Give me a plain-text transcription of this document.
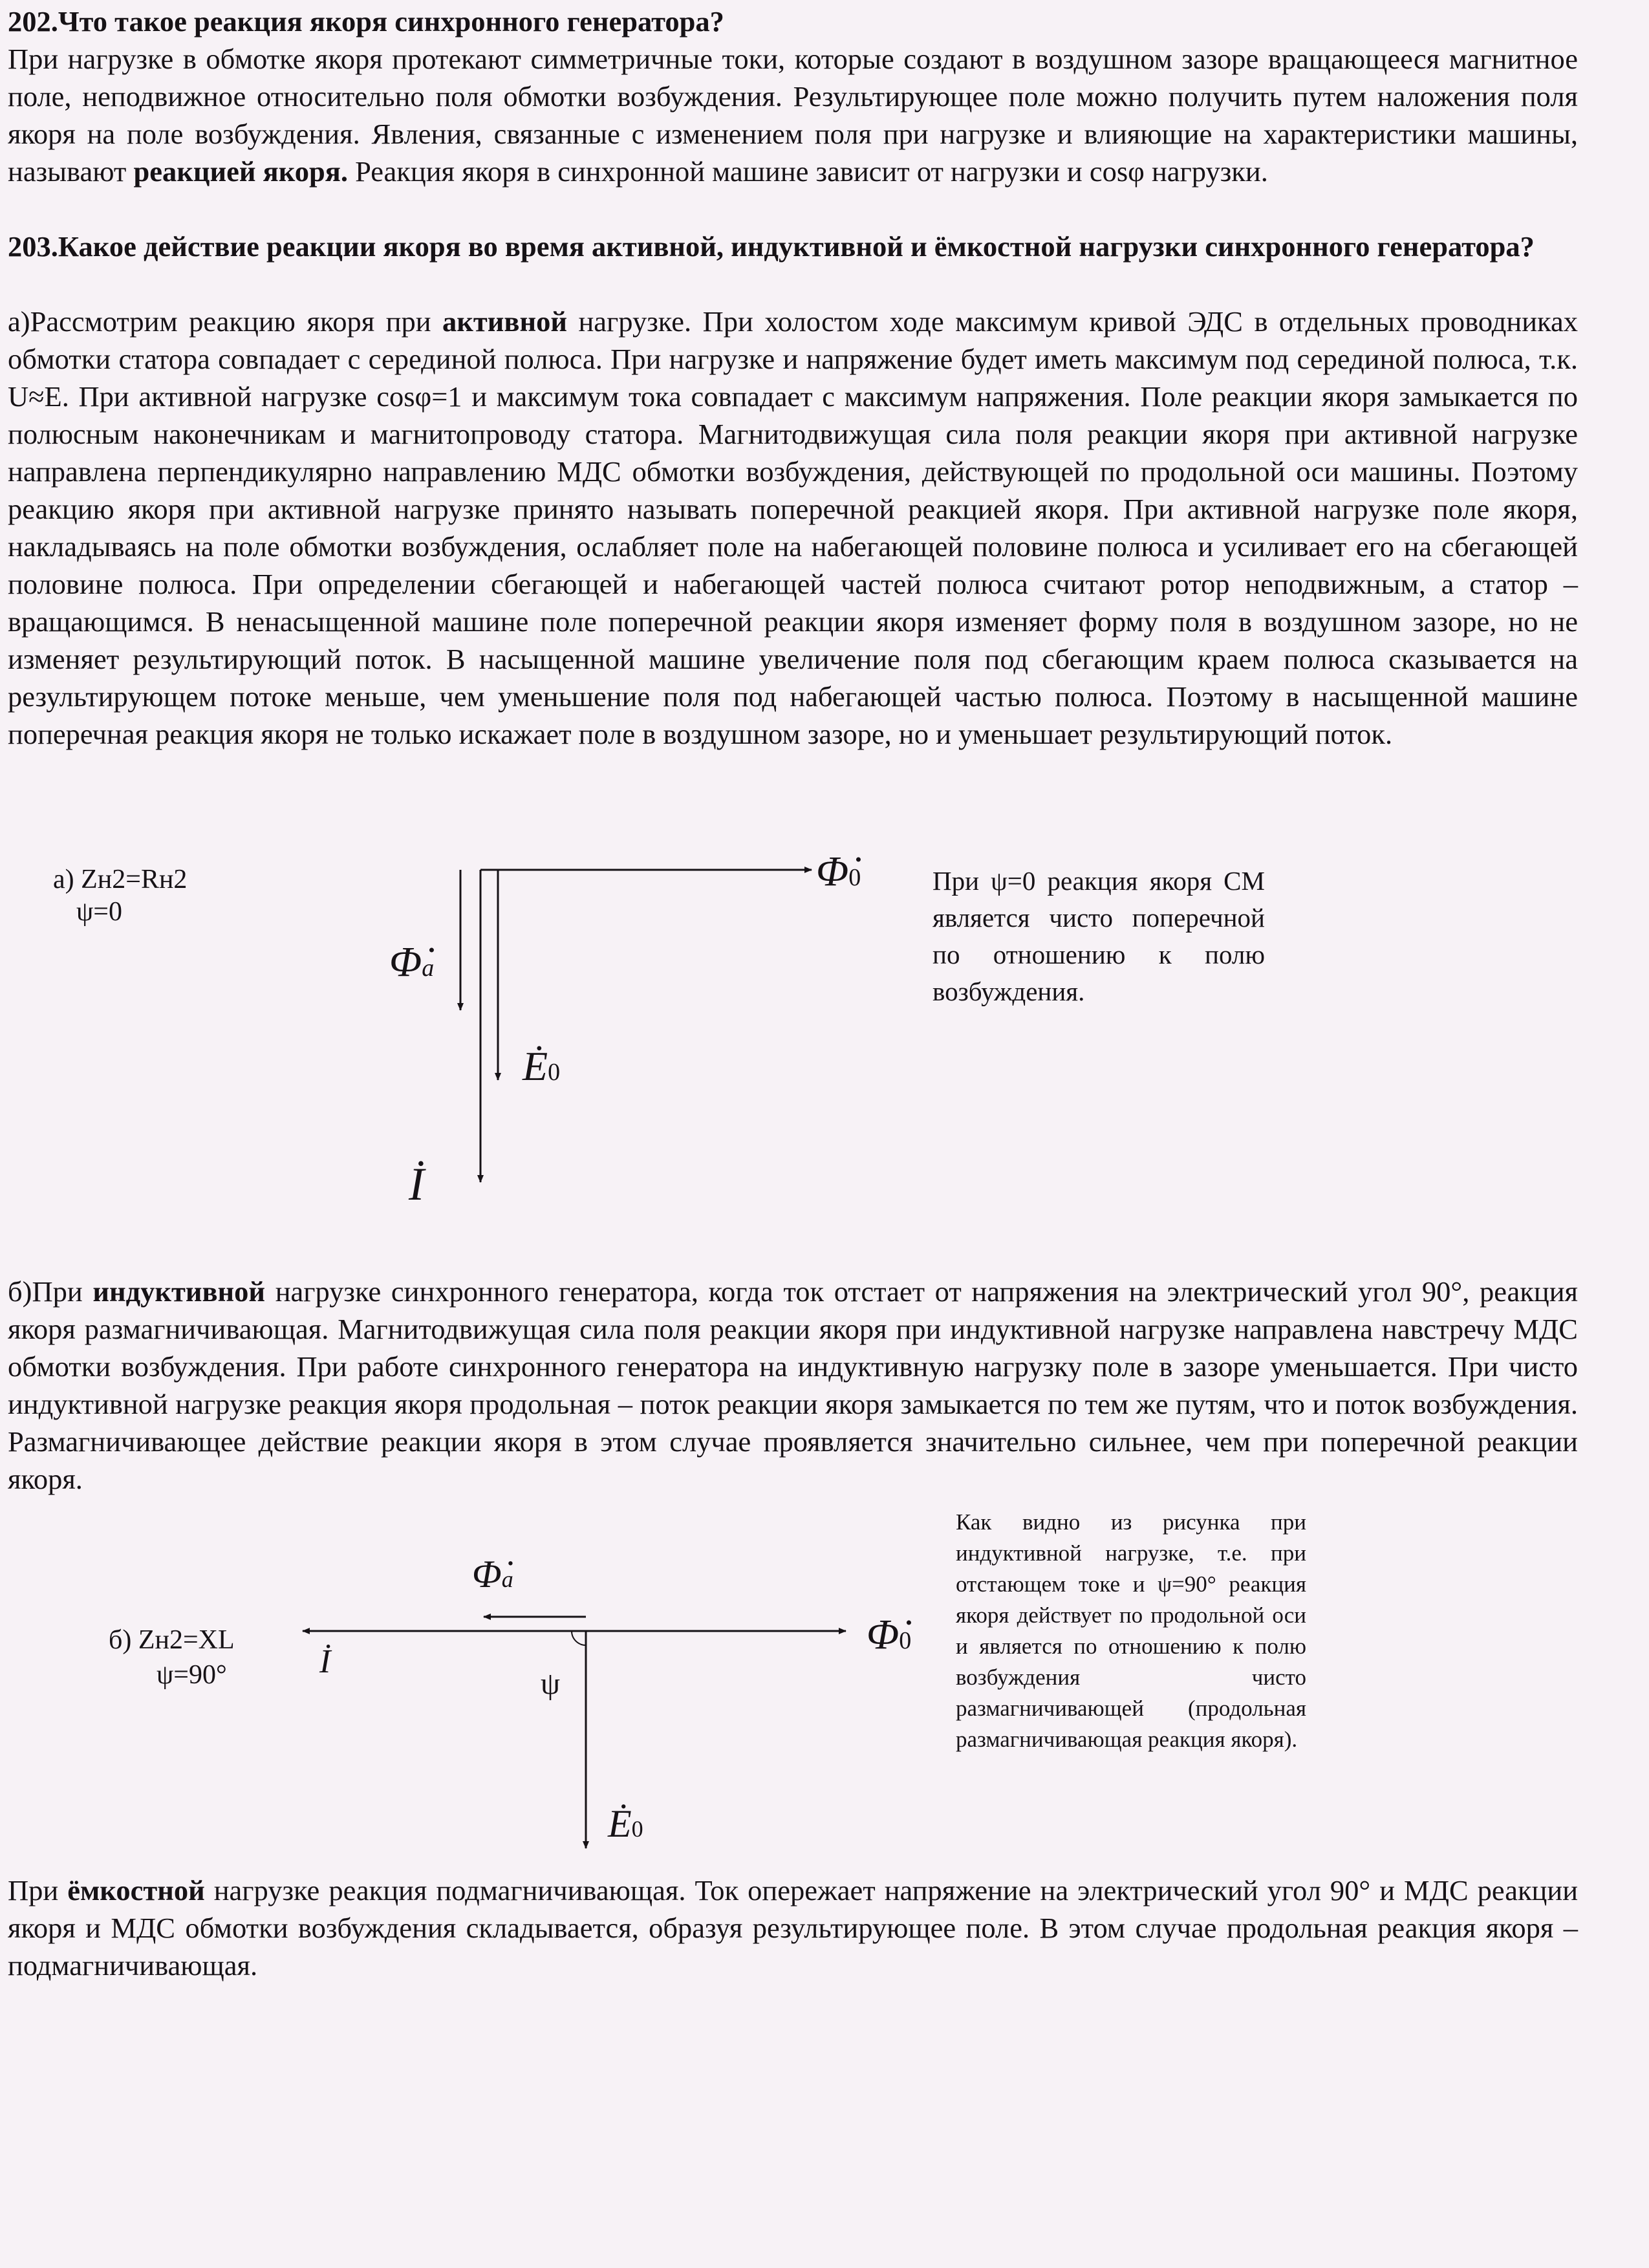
202.Что такое реакция якоря синхронного генератора?
При нагрузке в обмотке якоря протекают симметричные токи, которые создают в воздушном зазоре вращающееся магнитное поле, неподвижное относительно поля обмотки возбуждения. Результирующее поле можно получить путем наложения поля якоря на поле возбуждения. Явления, связанные с изменением поля при нагрузке и влияющие на характеристики машины, называют реакцией якоря. Реакция якоря в синхронной машине зависит от нагрузки и cosφ нагрузки.
203.Какое действие реакции якоря во время активной, индуктивной и ёмкостной нагрузки синхронного генератора?
а)Рассмотрим реакцию якоря при активной нагрузке. При холостом ходе максимум кривой ЭДС в отдельных проводниках обмотки статора совпадает с серединой полюса. При нагрузке и напряжение будет иметь максимум под серединой полюса, т.к. U≈E. При активной нагрузке cosφ=1 и максимум тока совпадает с максимум напряжения. Поле реакции якоря замыкается по полюсным наконечникам и магнитопроводу статора. Магнитодвижущая сила поля реакции якоря при активной нагрузке направлена перпендикулярно направлению МДС обмотки возбуждения, действующей по продольной оси машины. Поэтому реакцию якоря при активной нагрузке принято называть поперечной реакцией якоря. При активной нагрузке поле якоря, накладываясь на поле обмотки возбуждения, ослабляет поле на набегающей половине полюса и усиливает его на сбегающей половине полюса. При определении сбегающей и набегающей частей полюса считают ротор неподвижным, а статор – вращающимся. В ненасыщенной машине поле поперечной реакции якоря изменяет форму поля в воздушном зазоре, но не изменяет результирующий поток. В насыщенной машине увеличение поля под сбегающим краем полюса сказывается на результирующем потоке меньше, чем уменьшение поля под набегающей частью полюса. Поэтому в насыщенной машине поперечная реакция якоря не только искажает поле в воздушном зазоре, но и уменьшает результирующий поток.
а) Zн2=Rн2
ψ=0
Φ̇0
Φ̇a
Ė0
İ
При ψ=0 реакция якоря СМ является чисто поперечной по отношению к полю возбуждения.
б)При индуктивной нагрузке синхронного генератора, когда ток отстает от напряжения на электрический угол 90°, реакция якоря размагничивающая. Магнитодвижущая сила поля реакции якоря при индуктивной нагрузке направлена навстречу МДС обмотки возбуждения. При работе синхронного генератора на индуктивную нагрузку поле в зазоре уменьшается. При чисто индуктивной нагрузке реакция якоря продольная – поток реакции якоря замыкается по тем же путям, что и поток возбуждения. Размагничивающее действие реакции якоря в этом случае проявляется значительно сильнее, чем при поперечной реакции якоря.
б) Zн2=XL
ψ=90°
Φ̇a
Φ̇0
İ
ψ
Ė0
Как видно из рисунка при индуктивной нагрузке, т.е. при отстающем токе и ψ=90° реакция якоря действует по продольной оси и является по отношению к полю возбуждения чисто размагничивающей (продольная размагничивающая реакция якоря).
При ёмкостной нагрузке реакция подмагничивающая. Ток опережает напряжение на электрический угол 90° и МДС реакции якоря и МДС обмотки возбуждения складывается, образуя результирующее поле. В этом случае продольная реакция якоря – подмагничивающая.
